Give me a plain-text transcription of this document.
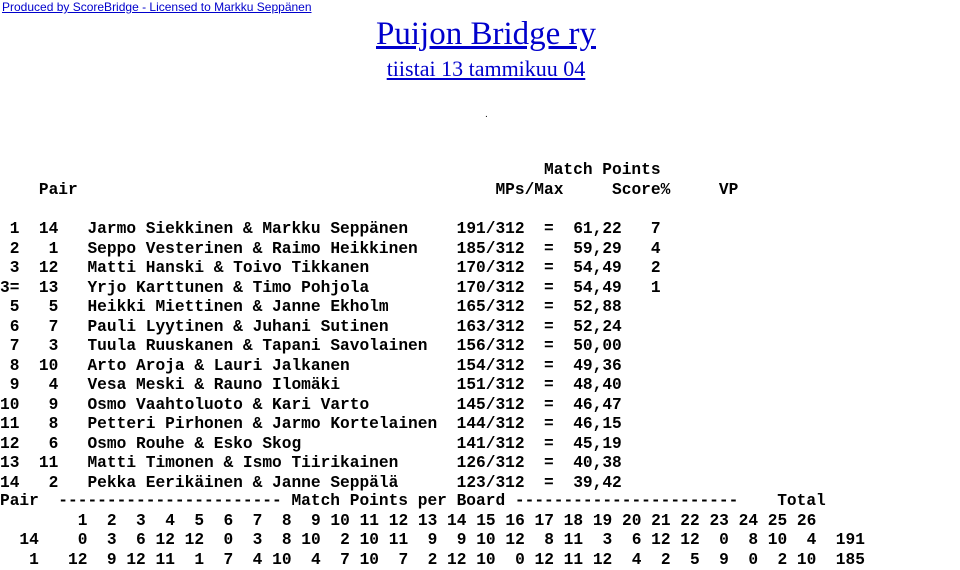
Produced by ScoreBridge - Licensed to Markku Seppänen
Puijon Bridge ry
tiistai 13 tammikuu 04
.
Match Points
Pair	MPs/Max	Score%	VP
1  14 Jarmo Siekkinen & Markku Seppänen     191/312  =  61,22 7
2   1 Seppo Vesterinen & Raimo Heikkinen    185/312  =  59,29 4
3  12 Matti Hanski & Toivo Tikkanen         170/312  =  54,49 2
3=  13 Yrjo Karttunen & Timo Pohjola         170/312  =  54,49 1
5   5 Heikki Miettinen & Janne Ekholm       165/312  =  52,88
6   7 Pauli Lyytinen & Juhani Sutinen       163/312  =  52,24
7   3 Tuula Ruuskanen & Tapani Savolainen   156/312  =  50,00
8  10 Arto Aroja & Lauri Jalkanen           154/312  =  49,36
9   4 Vesa Meski & Rauno Ilomäki            151/312  =  48,40
10   9 Osmo Vaahtoluoto & Kari Varto         145/312  =  46,47
11   8 Petteri Pirhonen & Jarmo Kortelainen  144/312  =  46,15
12   6 Osmo Rouhe & Esko Skog                141/312  =  45,19
13  11 Matti Timonen & Ismo Tiirikainen      126/312  =  40,38
14   2 Pekka Eerikäinen & Janne Seppälä      123/312  =  39,42
Pair ----------------------- Match Points per Board ----------------------- Total
1  2  3  4  5  6  7  8  9 10 11 12 13 14 15 16 17 18 19 20 21 22 23 24 25 26
14    0  3  6 12 12  0  3  8 10  2 10 11  9  9 10 12  8 11  3  6 12 12  0  8 10  4  191
1   12  9 12 11  1  7  4 10  4  7 10  7  2 12 10  0 12 11 12  4  2  5  9  0  2 10  185
